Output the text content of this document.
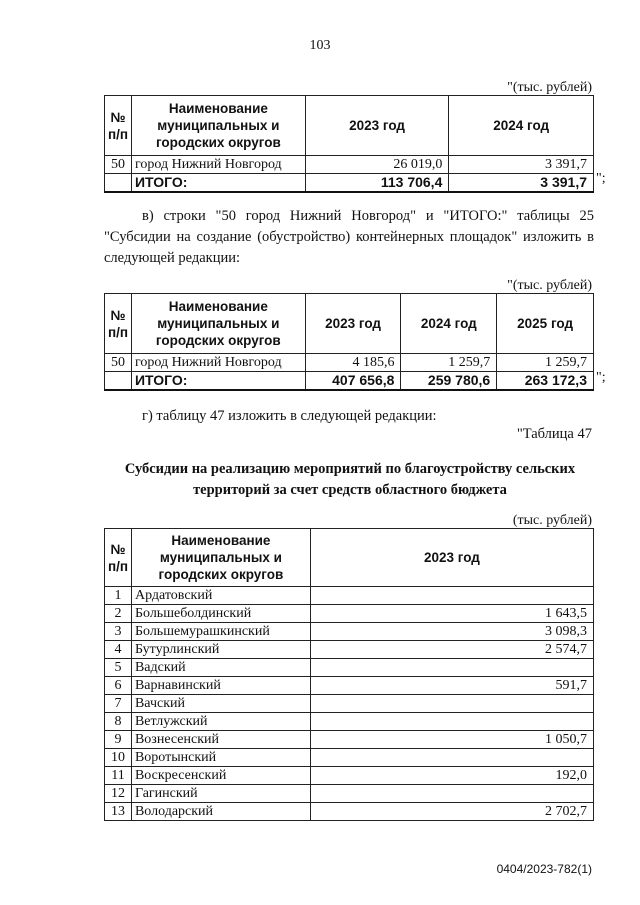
103
"(тыс. рублей)
№ п/п	Наименование муниципальных и городских округов	2023 год	2024 год
50	город Нижний Новгород	26 019,0	3 391,7
	ИТОГО:	113 706,4	3 391,7 ";
в) строки "50 город Нижний Новгород" и "ИТОГО:" таблицы 25 "Субсидии на создание (обустройство) контейнерных площадок" изложить в следующей редакции:
"(тыс. рублей)
№ п/п	Наименование муниципальных и городских округов	2023 год	2024 год	2025 год
50	город Нижний Новгород	4 185,6	1 259,7	1 259,7
	ИТОГО:	407 656,8	259 780,6	263 172,3 ";
г) таблицу 47 изложить в следующей редакции:
"Таблица 47
Субсидии на реализацию мероприятий по благоустройству сельских территорий за счет средств областного бюджета
(тыс. рублей)
№ п/п	Наименование муниципальных и городских округов	2023 год
1	Ардатовский	
2	Большеболдинский	1 643,5
3	Большемурашкинский	3 098,3
4	Бутурлинский	2 574,7
5	Вадский	
6	Варнавинский	591,7
7	Вачский	
8	Ветлужский	
9	Вознесенский	1 050,7
10	Воротынский	
11	Воскресенский	192,0
12	Гагинский	
13	Володарский	2 702,7
0404/2023-782(1)
